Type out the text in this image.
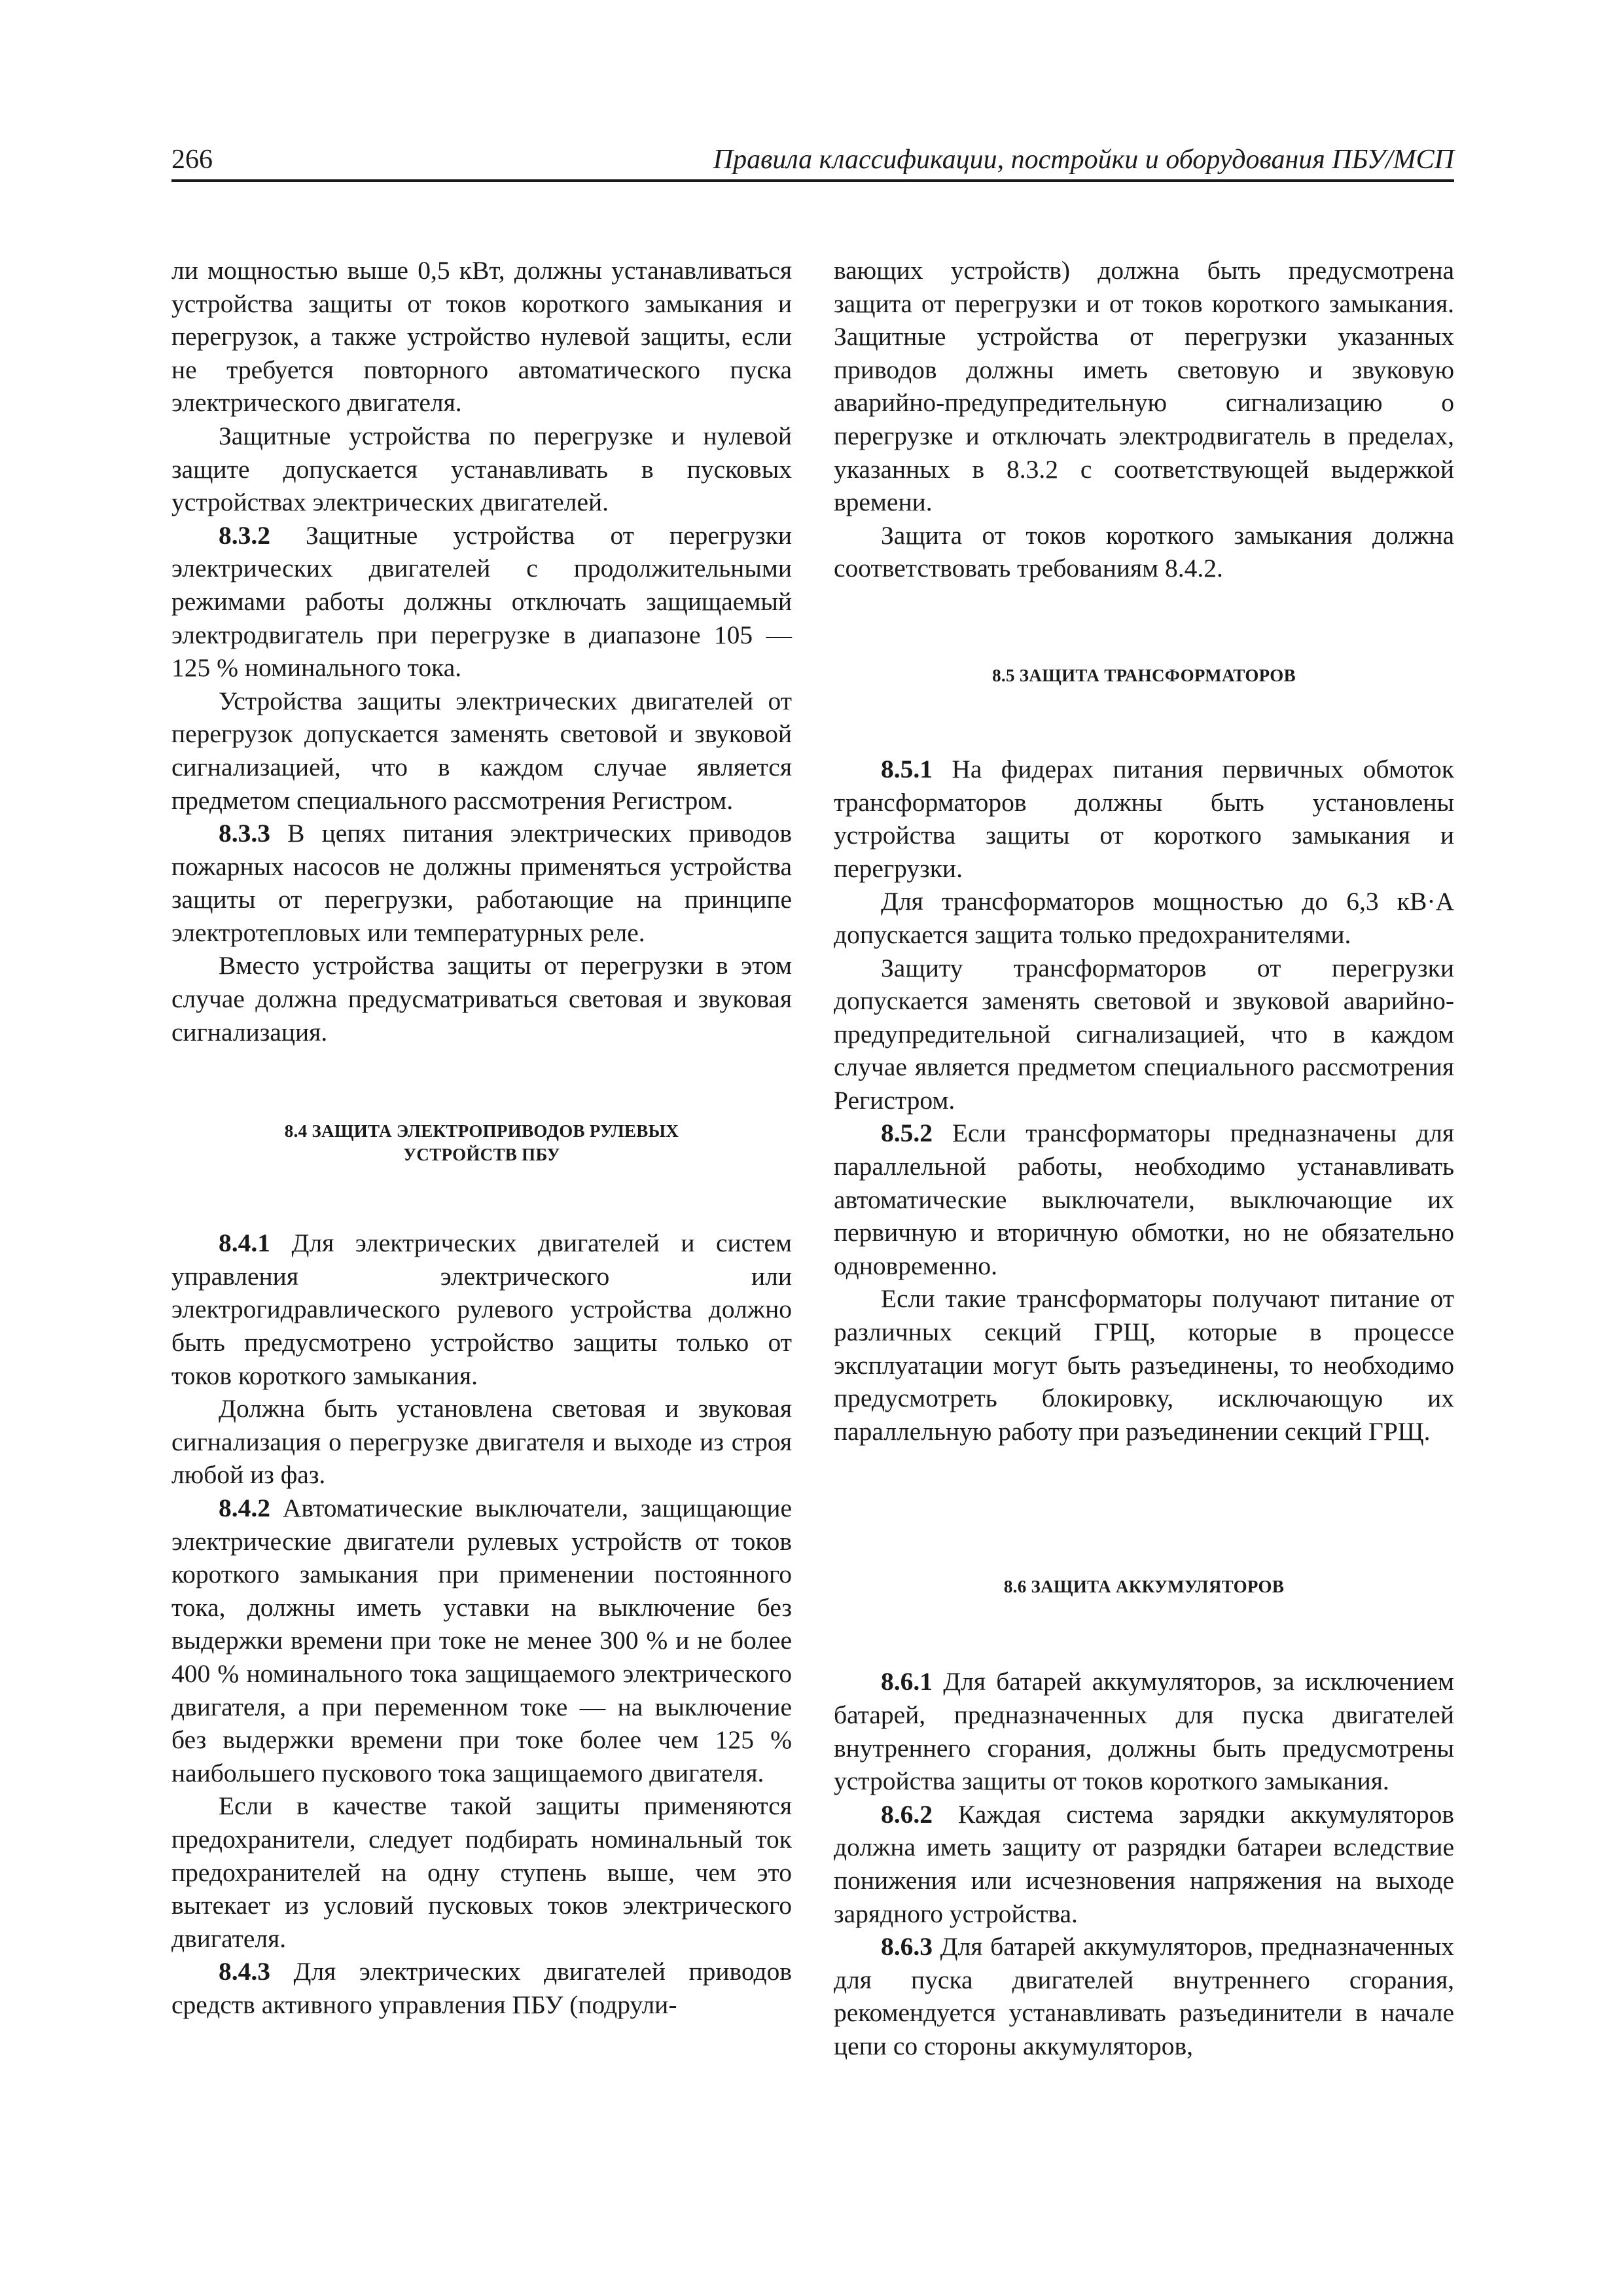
266	Правила классификации, постройки и оборудования ПБУ/МСП

ли мощностью выше 0,5 кВт, должны устанавливаться устройства защиты от токов короткого замыкания и перегрузок, а также устройство нулевой защиты, если не требуется повторного автоматического пуска электрического двигателя.

Защитные устройства по перегрузке и нулевой защите допускается устанавливать в пусковых устройствах электрических двигателей.

8.3.2 Защитные устройства от перегрузки электрических двигателей с продолжительными режимами работы должны отключать защищаемый электродвигатель при перегрузке в диапазоне 105 — 125 % номинального тока.

Устройства защиты электрических двигателей от перегрузок допускается заменять световой и звуковой сигнализацией, что в каждом случае является предметом специального рассмотрения Регистром.

8.3.3 В цепях питания электрических приводов пожарных насосов не должны применяться устройства защиты от перегрузки, работающие на принципе электротепловых или температурных реле.

Вместо устройства защиты от перегрузки в этом случае должна предусматриваться световая и звуковая сигнализация.

8.4 ЗАЩИТА ЭЛЕКТРОПРИВОДОВ РУЛЕВЫХ
УСТРОЙСТВ ПБУ

8.4.1 Для электрических двигателей и систем управления электрического или электрогидравлического рулевого устройства должно быть предусмотрено устройство защиты только от токов короткого замыкания.

Должна быть установлена световая и звуковая сигнализация о перегрузке двигателя и выходе из строя любой из фаз.

8.4.2 Автоматические выключатели, защищающие электрические двигатели рулевых устройств от токов короткого замыкания при применении постоянного тока, должны иметь уставки на выключение без выдержки времени при токе не менее 300 % и не более 400 % номинального тока защищаемого электрического двигателя, а при переменном токе — на выключение без выдержки времени при токе более чем 125 % наибольшего пускового тока защищаемого двигателя.

Если в качестве такой защиты применяются предохранители, следует подбирать номинальный ток предохранителей на одну ступень выше, чем это вытекает из условий пусковых токов электрического двигателя.

8.4.3 Для электрических двигателей приводов средств активного управления ПБУ (подрули-

вающих устройств) должна быть предусмотрена защита от перегрузки и от токов короткого замыкания. Защитные устройства от перегрузки указанных приводов должны иметь световую и звуковую аварийно-предупредительную сигнализацию о перегрузке и отключать электродвигатель в пределах, указанных в 8.3.2 с соответствующей выдержкой времени.

Защита от токов короткого замыкания должна соответствовать требованиям 8.4.2.

8.5 ЗАЩИТА ТРАНСФОРМАТОРОВ

8.5.1 На фидерах питания первичных обмоток трансформаторов должны быть установлены устройства защиты от короткого замыкания и перегрузки.

Для трансформаторов мощностью до 6,3 кВ·А допускается защита только предохранителями.

Защиту трансформаторов от перегрузки допускается заменять световой и звуковой аварийно-предупредительной сигнализацией, что в каждом случае является предметом специального рассмотрения Регистром.

8.5.2 Если трансформаторы предназначены для параллельной работы, необходимо устанавливать автоматические выключатели, выключающие их первичную и вторичную обмотки, но не обязательно одновременно.

Если такие трансформаторы получают питание от различных секций ГРЩ, которые в процессе эксплуатации могут быть разъединены, то необходимо предусмотреть блокировку, исключающую их параллельную работу при разъединении секций ГРЩ.

8.6 ЗАЩИТА АККУМУЛЯТОРОВ

8.6.1 Для батарей аккумуляторов, за исключением батарей, предназначенных для пуска двигателей внутреннего сгорания, должны быть предусмотрены устройства защиты от токов короткого замыкания.

8.6.2 Каждая система зарядки аккумуляторов должна иметь защиту от разрядки батареи вследствие понижения или исчезновения напряжения на выходе зарядного устройства.

8.6.3 Для батарей аккумуляторов, предназначенных для пуска двигателей внутреннего сгорания, рекомендуется устанавливать разъединители в начале цепи со стороны аккумуляторов,
